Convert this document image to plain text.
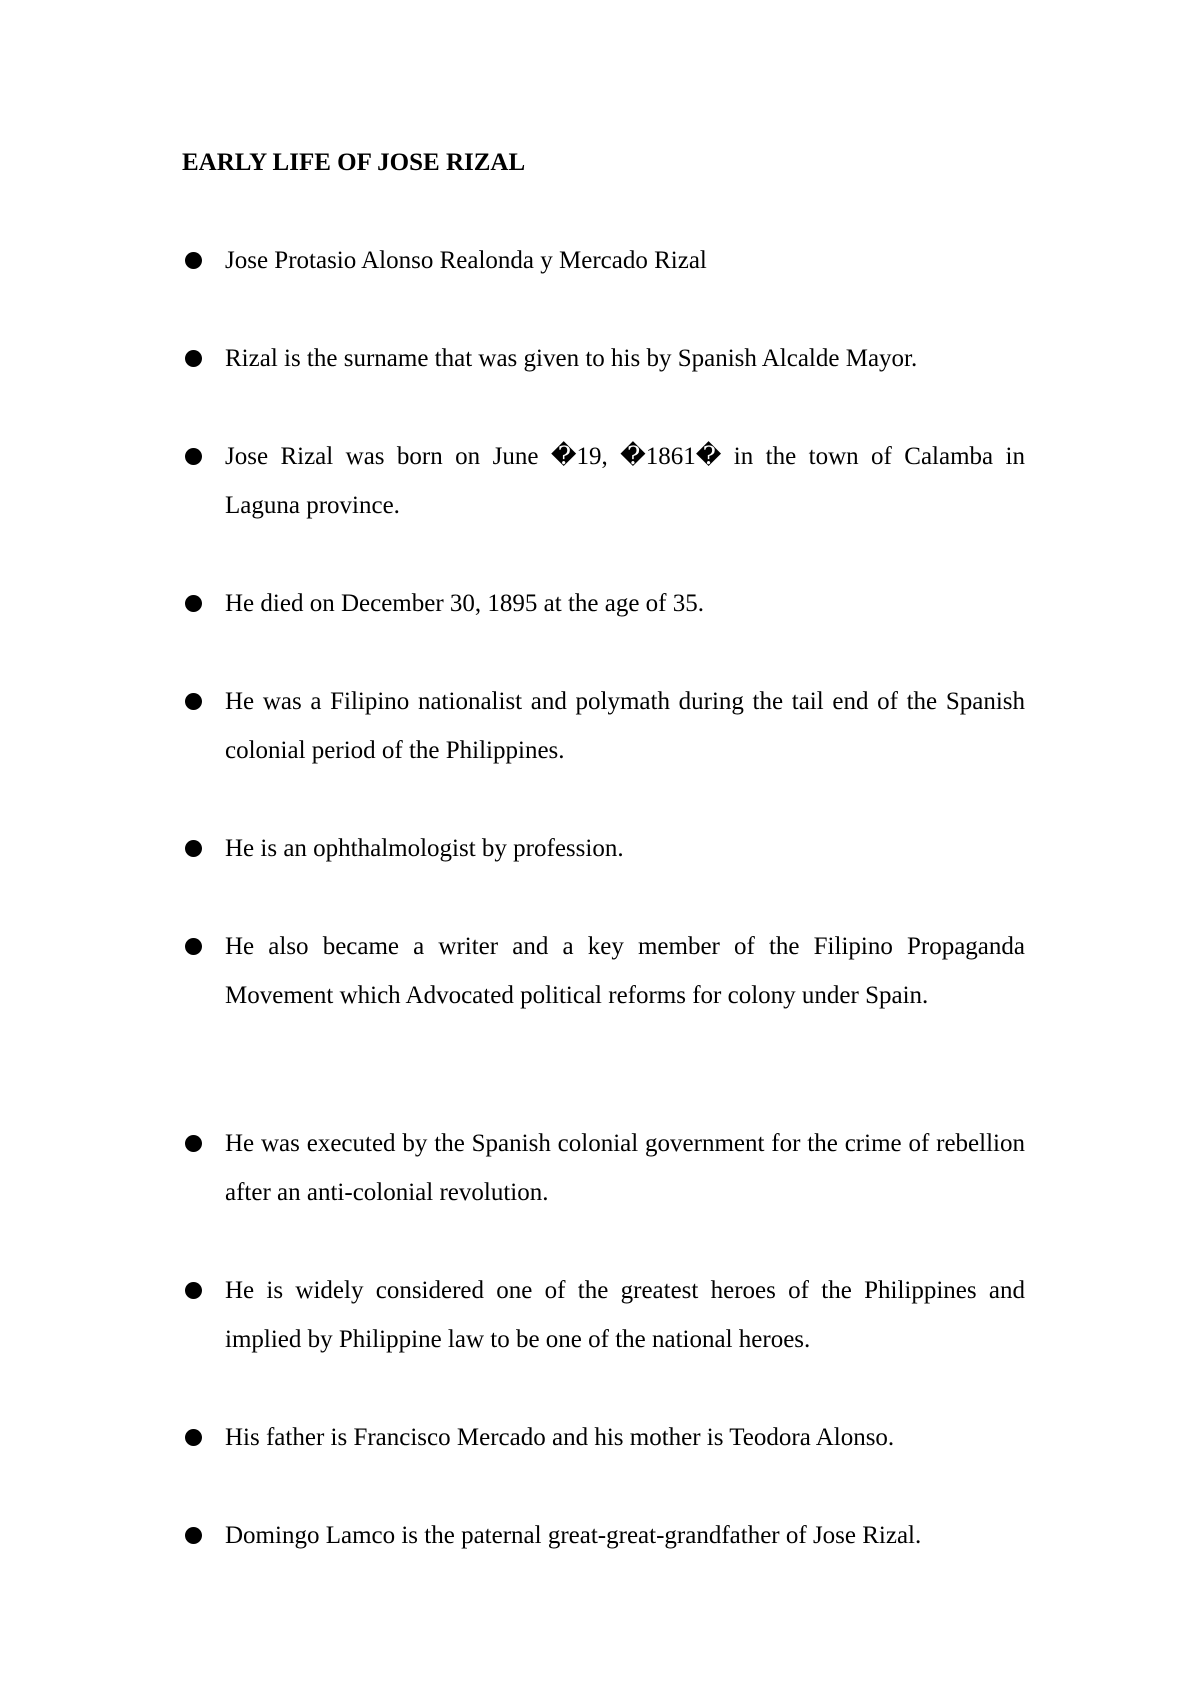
EARLY LIFE OF JOSE RIZAL
Jose Protasio Alonso Realonda y Mercado Rizal
Rizal is the surname that was given to his by Spanish Alcalde Mayor.
Jose Rizal was born on June �19, �1861� in the town of Calamba in Laguna province.
He died on December 30, 1895 at the age of 35.
He was a Filipino nationalist and polymath during the tail end of the Spanish colonial period of the Philippines.
He is an ophthalmologist by profession.
He also became a writer and a key member of the Filipino Propaganda Movement which Advocated political reforms for colony under Spain.
He was executed by the Spanish colonial government for the crime of rebellion after an anti-colonial revolution.
He is widely considered one of the greatest heroes of the Philippines and implied by Philippine law to be one of the national heroes.
His father is Francisco Mercado and his mother is Teodora Alonso.
Domingo Lamco is the paternal great-great-grandfather of Jose Rizal.
